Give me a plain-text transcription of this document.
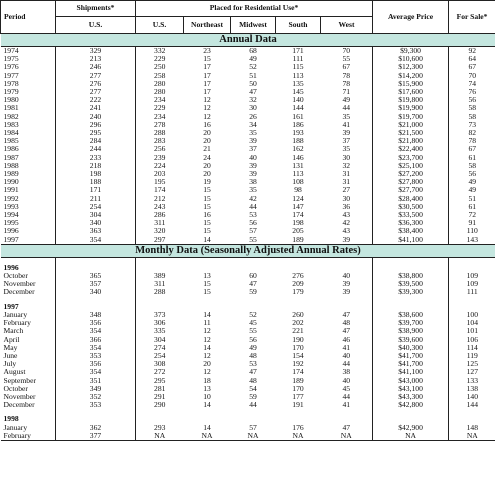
Period	Shipments*	Placed for Residential Use*					Average Price	For Sale*
	U.S.	U.S.	Northeast	Midwest	South	West		
Annual Data								
1974	329	332	23	68	171	70	$9,300	92
1975	213	229	15	49	111	55	$10,600	64
1976	246	250	17	52	115	67	$12,300	67
1977	277	258	17	51	113	78	$14,200	70
1978	276	280	17	50	135	78	$15,900	74
1979	277	280	17	47	145	71	$17,600	76
1980	222	234	12	32	140	49	$19,800	56
1981	241	229	12	30	144	44	$19,900	58
1982	240	234	12	26	161	35	$19,700	58
1983	296	278	16	34	186	41	$21,000	73
1984	295	288	20	35	193	39	$21,500	82
1985	284	283	20	39	188	37	$21,800	78
1986	244	256	21	37	162	35	$22,400	67
1987	233	239	24	40	146	30	$23,700	61
1988	218	224	20	39	131	32	$25,100	58
1989	198	203	20	39	113	31	$27,200	56
1990	188	195	19	38	108	31	$27,800	49
1991	171	174	15	35	98	27	$27,700	49
1992	211	212	15	42	124	30	$28,400	51
1993	254	243	15	44	147	36	$30,500	61
1994	304	286	16	53	174	43	$33,500	72
1995	340	311	15	56	198	42	$36,300	91
1996	363	320	15	57	205	43	$38,400	110
1997	354	297	14	55	189	39	$41,100	143
Monthly Data (Seasonally Adjusted Annual Rates)								

1996								
October	365	389	13	60	276	40	$38,800	109
November	357	311	15	47	209	39	$39,500	109
December	340	288	15	59	179	39	$39,300	111

1997								
January	348	373	14	52	260	47	$38,600	100
February	356	306	11	45	202	48	$39,700	104
March	354	335	12	55	221	47	$38,900	101
April	366	304	12	56	190	46	$39,600	106
May	354	274	14	49	170	41	$40,300	114
June	353	254	12	48	154	40	$41,700	119
July	356	308	20	53	192	44	$41,700	125
August	354	272	12	47	174	38	$41,100	127
September	351	295	18	48	189	40	$43,000	133
October	349	281	13	54	170	45	$43,100	138
November	352	291	10	59	177	44	$43,300	140
December	353	290	14	44	191	41	$42,800	144

1998								
January	362	293	14	57	176	47	$42,900	148
February	377	NA	NA	NA	NA	NA	NA	NA
